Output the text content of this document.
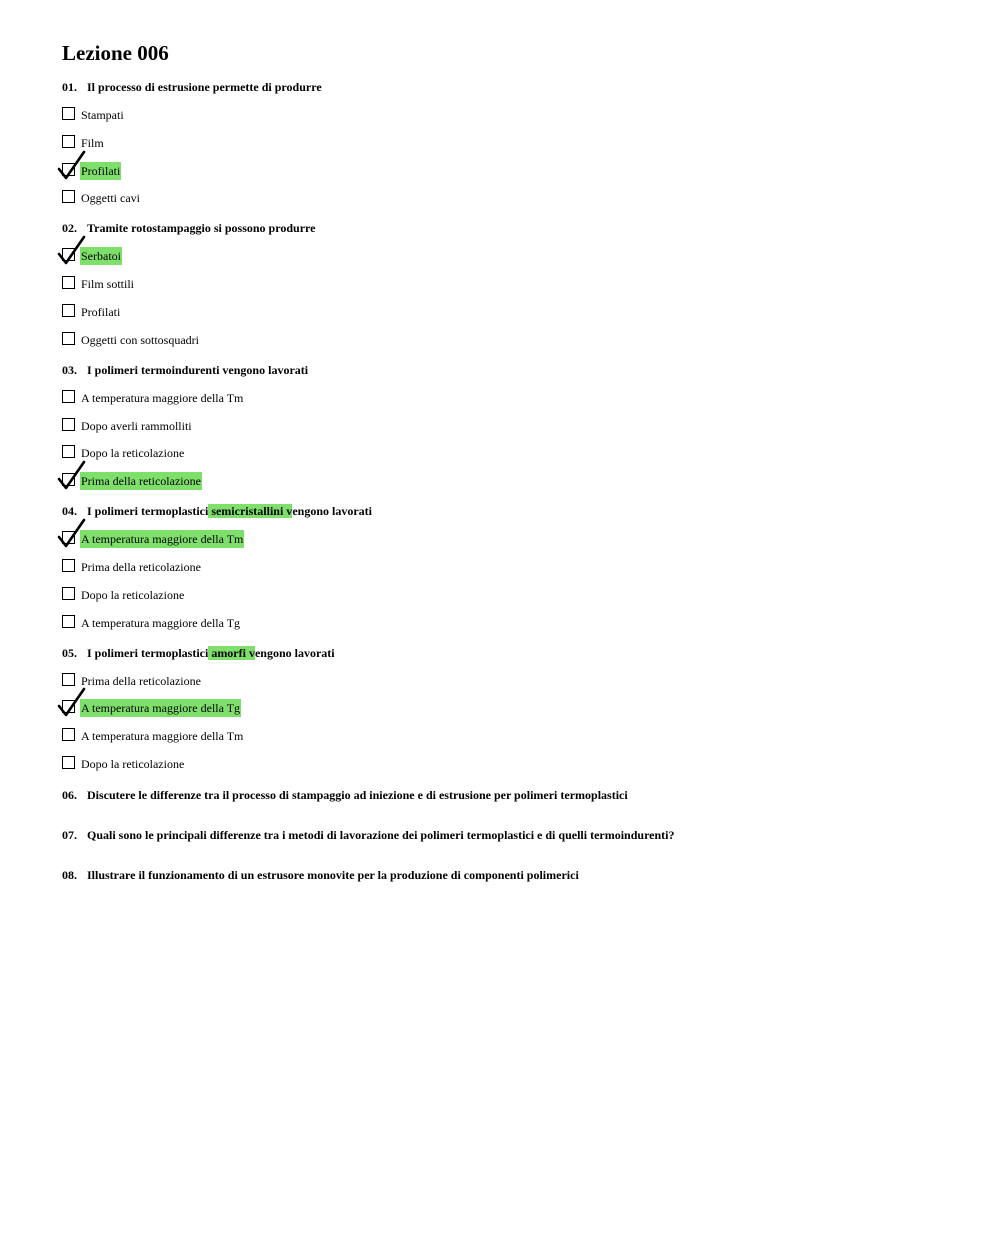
Lezione 006
01. Il processo di estrusione permette di produrre
Stampati
Film
Profilati
Oggetti cavi
02. Tramite rotostampaggio si possono produrre
Serbatoi
Film sottili
Profilati
Oggetti con sottosquadri
03. I polimeri termoindurenti vengono lavorati
A temperatura maggiore della Tm
Dopo averli rammolliti
Dopo la reticolazione
Prima della reticolazione
04. I polimeri termoplastici semicristallini vengono lavorati
A temperatura maggiore della Tm
Prima della reticolazione
Dopo la reticolazione
A temperatura maggiore della Tg
05. I polimeri termoplastici amorfi vengono lavorati
Prima della reticolazione
A temperatura maggiore della Tg
A temperatura maggiore della Tm
Dopo la reticolazione
06. Discutere le differenze tra il processo di stampaggio ad iniezione e di estrusione per polimeri termoplastici
07. Quali sono le principali differenze tra i metodi di lavorazione dei polimeri termoplastici e di quelli termoindurenti?
08. Illustrare il funzionamento di un estrusore monovite per la produzione di componenti polimerici
